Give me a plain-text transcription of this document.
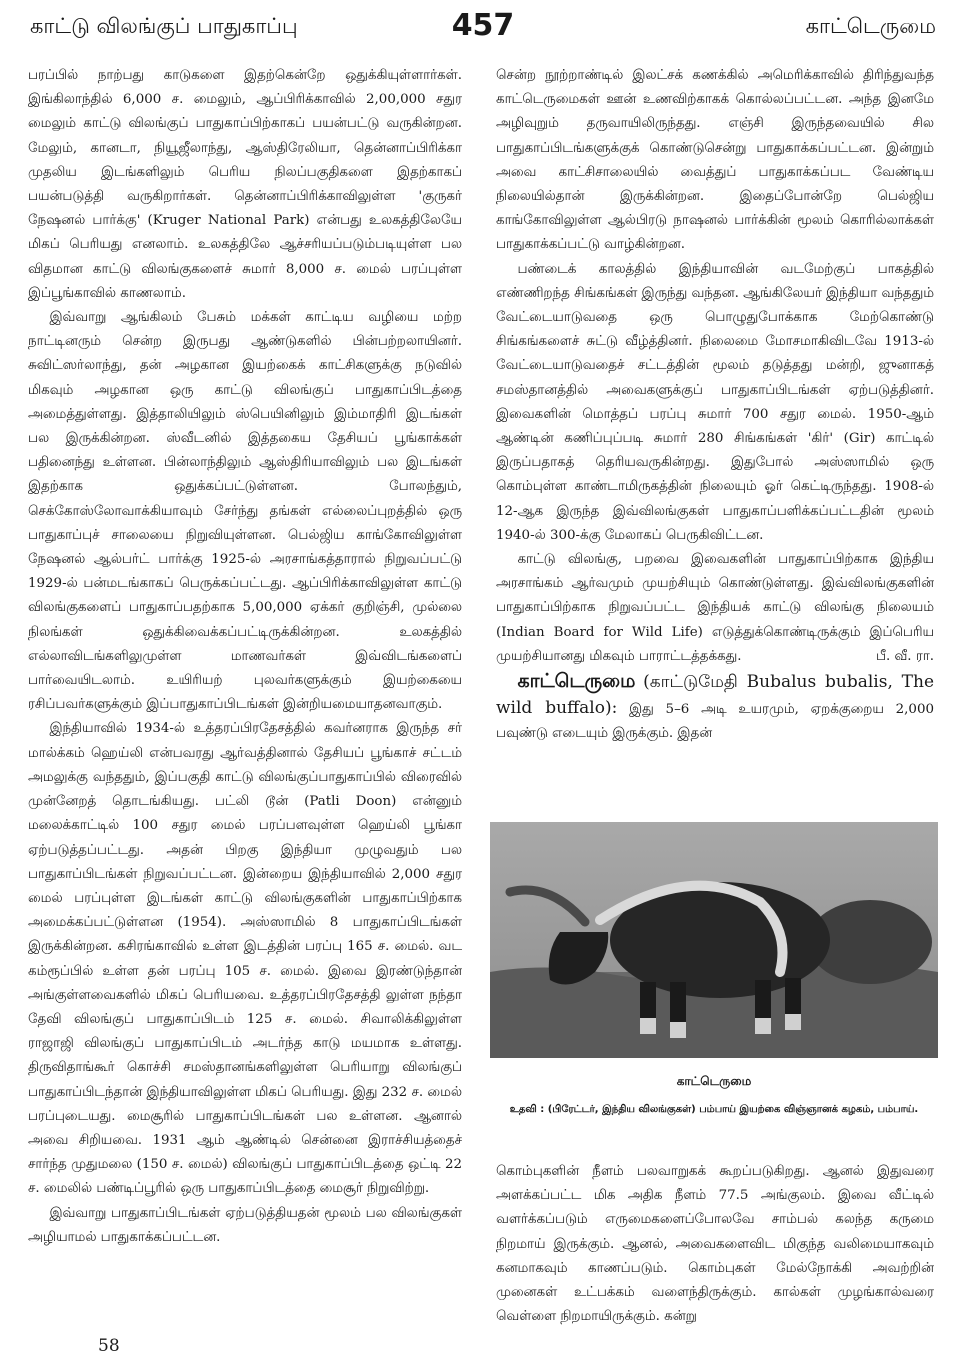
காட்டு விலங்குப் பாதுகாப்பு	457	காட்டெருமை

பரப்பில் நாற்பது காடுகளை இதற்கென்றே ஒதுக்கியுள்ளார்கள். இங்கிலாந்தில் 6,000 ச. மைலும், ஆப்பிரிக்காவில் 2,00,000 சதுர மைலும் காட்டு விலங்குப் பாதுகாப்பிற்காகப் பயன்பட்டு வருகின்றன. மேலும், கானடா, நியூஜீலாந்து, ஆஸ்திரேலியா, தென்னாப்பிரிக்கா முதலிய இடங்களிலும் பெரிய நிலப்பகுதிகளை இதற்காகப் பயன்படுத்தி வருகிறார்கள். தென்னாப்பிரிக்காவிலுள்ள 'குருகர் நேஷனல் பார்க்கு' (Kruger National Park) என்பது உலகத்திலேயே மிகப் பெரியது எனலாம். உலகத்திலே ஆச்சரியப்படும்படியுள்ள பல விதமான காட்டு விலங்குகளைச் சுமார் 8,000 ச. மைல் பரப்புள்ள இப்பூங்காவில் காணலாம்.

இவ்வாறு ஆங்கிலம் பேசும் மக்கள் காட்டிய வழியை மற்ற நாட்டினரும் சென்ற இருபது ஆண்டுகளில் பின்பற்றலாயினர். சுவிட்ஸர்லாந்து, தன் அழகான இயற்கைக் காட்சிகளுக்கு நடுவில் மிகவும் அழகான ஒரு காட்டு விலங்குப் பாதுகாப்பிடத்தை அமைத்துள்ளது. இத்தாலியிலும் ஸ்பெயினிலும் இம்மாதிரி இடங்கள் பல இருக்கின்றன. ஸ்வீடனில் இத்தகைய தேசியப் பூங்காக்கள் பதினைந்து உள்ளன. பின்லாந்திலும் ஆஸ்திரியாவிலும் பல இடங்கள் இதற்காக ஒதுக்கப்பட்டுள்ளன. போலந்தும், செக்கோஸ்லோவாக்கியாவும் சேர்ந்து தங்கள் எல்லைப்புறத்தில் ஒரு பாதுகாப்புச் சாலையை நிறுவியுள்ளன. பெல்ஜிய காங்கோவிலுள்ள நேஷனல் ஆல்பர்ட் பார்க்கு 1925-ல் அரசாங்கத்தாரால் நிறுவப்பட்டு 1929-ல் பன்மடங்காகப் பெருக்கப்பட்டது. ஆப்பிரிக்காவிலுள்ள காட்டு விலங்குகளைப் பாதுகாப்பதற்காக 5,00,000 ஏக்கர் குறிஞ்சி, முல்லை நிலங்கள் ஒதுக்கிவைக்கப்பட்டிருக்கின்றன. உலகத்தில் எல்லாவிடங்களிலுமுள்ள மாணவர்கள் இவ்விடங்களைப் பார்வையிடலாம். உயிரியற் புலவர்களுக்கும் இயற்கையை ரசிப்பவர்களுக்கும் இப்பாதுகாப்பிடங்கள் இன்றியமையாதனவாகும்.

இந்தியாவில் 1934-ல் உத்தரப்பிரதேசத்தில் கவர்னராக இருந்த சர் மால்க்கம் ஹெய்லி என்பவரது ஆர்வத்தினால் தேசியப் பூங்காச் சட்டம் அமலுக்கு வந்ததும், இப்பகுதி காட்டு விலங்குப்பாதுகாப்பில் விரைவில் முன்னேறத் தொடங்கியது. பட்லி டூன் (Patli Doon) என்னும் மலைக்காட்டில் 100 சதுர மைல் பரப்பளவுள்ள ஹெய்லி பூங்கா ஏற்படுத்தப்பட்டது. அதன் பிறகு இந்தியா முழுவதும் பல பாதுகாப்பிடங்கள் நிறுவப்பட்டன. இன்றைய இந்தியாவில் 2,000 சதுர மைல் பரப்புள்ள இடங்கள் காட்டு விலங்குகளின் பாதுகாப்பிற்காக அமைக்கப்பட்டுள்ளன (1954). அஸ்ஸாமில் 8 பாதுகாப்பிடங்கள் இருக்கின்றன. கசிரங்காவில் உள்ள இடத்தின் பரப்பு 165 ச. மைல். வட கம்ரூப்பில் உள்ள தன் பரப்பு 105 ச. மைல். இவை இரண்டுந்தான் அங்குள்ளவைகளில் மிகப் பெரியவை. உத்தரப்பிரதேசத்தி லுள்ள நந்தா தேவி விலங்குப் பாதுகாப்பிடம் 125 ச. மைல். சிவாலிக்கிலுள்ள ராஜாஜி விலங்குப் பாதுகாப்பிடம் அடர்ந்த காடு மயமாக உள்ளது. திருவிதாங்கூர் கொச்சி சமஸ்தானங்களிலுள்ள பெரியாறு விலங்குப் பாதுகாப்பிடந்தான் இந்தியாவிலுள்ள மிகப் பெரியது. இது 232 ச. மைல் பரப்புடையது. மைசூரில் பாதுகாப்பிடங்கள் பல உள்ளன. ஆனால் அவை சிறியவை. 1931 ஆம் ஆண்டில் சென்னை இராச்சியத்தைச் சார்ந்த முதுமலை (150 ச. மைல்) விலங்குப் பாதுகாப்பிடத்தை ஒட்டி 22 ச. மைலில் பண்டிப்பூரில் ஒரு பாதுகாப்பிடத்தை மைசூர் நிறுவிற்று.

இவ்வாறு பாதுகாப்பிடங்கள் ஏற்படுத்தியதன் மூலம் பல விலங்குகள் அழியாமல் பாதுகாக்கப்பட்டன.

சென்ற நூற்றாண்டில் இலட்சக் கணக்கில் அமெரிக்காவில் திரிந்துவந்த காட்டெருமைகள் ஊன் உணவிற்காகக் கொல்லப்பட்டன. அந்த இனமே அழிவுறும் தருவாயிலிருந்தது. எஞ்சி இருந்தவையில் சில பாதுகாப்பிடங்களுக்குக் கொண்டுசென்று பாதுகாக்கப்பட்டன. இன்றும் அவை காட்சிசாலையில் வைத்துப் பாதுகாக்கப்பட வேண்டிய நிலையில்தான் இருக்கின்றன. இதைப்போன்றே பெல்ஜிய காங்கோவிலுள்ள ஆல்பிரடு நாஷனல் பார்க்கின் மூலம் கொரில்லாக்கள் பாதுகாக்கப்பட்டு வாழ்கின்றன.

பண்டைக் காலத்தில் இந்தியாவின் வடமேற்குப் பாகத்தில் எண்ணிறந்த சிங்கங்கள் இருந்து வந்தன. ஆங்கிலேயர் இந்தியா வந்ததும் வேட்டையாடுவதை ஒரு பொழுதுபோக்காக மேற்கொண்டு சிங்கங்களைச் சுட்டு வீழ்த்தினர். நிலைமை மோசமாகிவிடவே 1913-ல் வேட்டையாடுவதைச் சட்டத்தின் மூலம் தடுத்தது மன்றி, ஜுனாகத் சமஸ்தானத்தில் அவைகளுக்குப் பாதுகாப்பிடங்கள் ஏற்படுத்தினர். இவைகளின் மொத்தப் பரப்பு சுமார் 700 சதுர மைல். 1950-ஆம் ஆண்டின் கணிப்புப்படி சுமார் 280 சிங்கங்கள் 'கிர்' (Gir) காட்டில் இருப்பதாகத் தெரியவருகின்றது. இதுபோல் அஸ்ஸாமில் ஒரு கொம்புள்ள காண்டாமிருகத்தின் நிலையும் ஓர் கெட்டிருந்தது. 1908-ல் 12-ஆக இருந்த இவ்விலங்குகள் பாதுகாப்பளிக்கப்பட்டதின் மூலம் 1940-ல் 300-க்கு மேலாகப் பெருகிவிட்டன.

காட்டு விலங்கு, பறவை இவைகளின் பாதுகாப்பிற்காக இந்திய அரசாங்கம் ஆர்வமும் முயற்சியும் கொண்டுள்ளது. இவ்விலங்குகளின் பாதுகாப்பிற்காக நிறுவப்பட்ட இந்தியக் காட்டு விலங்கு நிலையம் (Indian Board for Wild Life) எடுத்துக்கொண்டிருக்கும் இப்பெரிய முயற்சியானது மிகவும் பாராட்டத்தக்கது.	பீ. வீ. ரா.

காட்டெருமை (காட்டுமேதி Bubalus bubalis, The wild buffalo): இது 5–6 அடி உயரமும், ஏறக்குறைய 2,000 பவுண்டு எடையும் இருக்கும். இதன்

காட்டெருமை
உதவி : (பிரேட்டர், இந்திய விலங்குகள்) பம்பாய் இயற்கை விஞ்ஞானக் கழகம், பம்பாய்.

கொம்புகளின் நீளம் பலவாறுகக் கூறப்படுகிறது. ஆனல் இதுவரை அளக்கப்பட்ட மிக அதிக நீளம் 77.5 அங்குலம். இவை வீட்டில் வளர்க்கப்படும் எருமைகளைப்போலவே சாம்பல் கலந்த கருமை நிறமாய் இருக்கும். ஆனல், அவைகளைவிட மிகுந்த வலிமையாகவும் கனமாகவும் காணப்படும். கொம்புகள் மேல்நோக்கி அவற்றின் முனைகள் உட்பக்கம் வளைந்திருக்கும். கால்கள் முழங்கால்வரை வெள்ளை நிறமாயிருக்கும். கன்று

58
